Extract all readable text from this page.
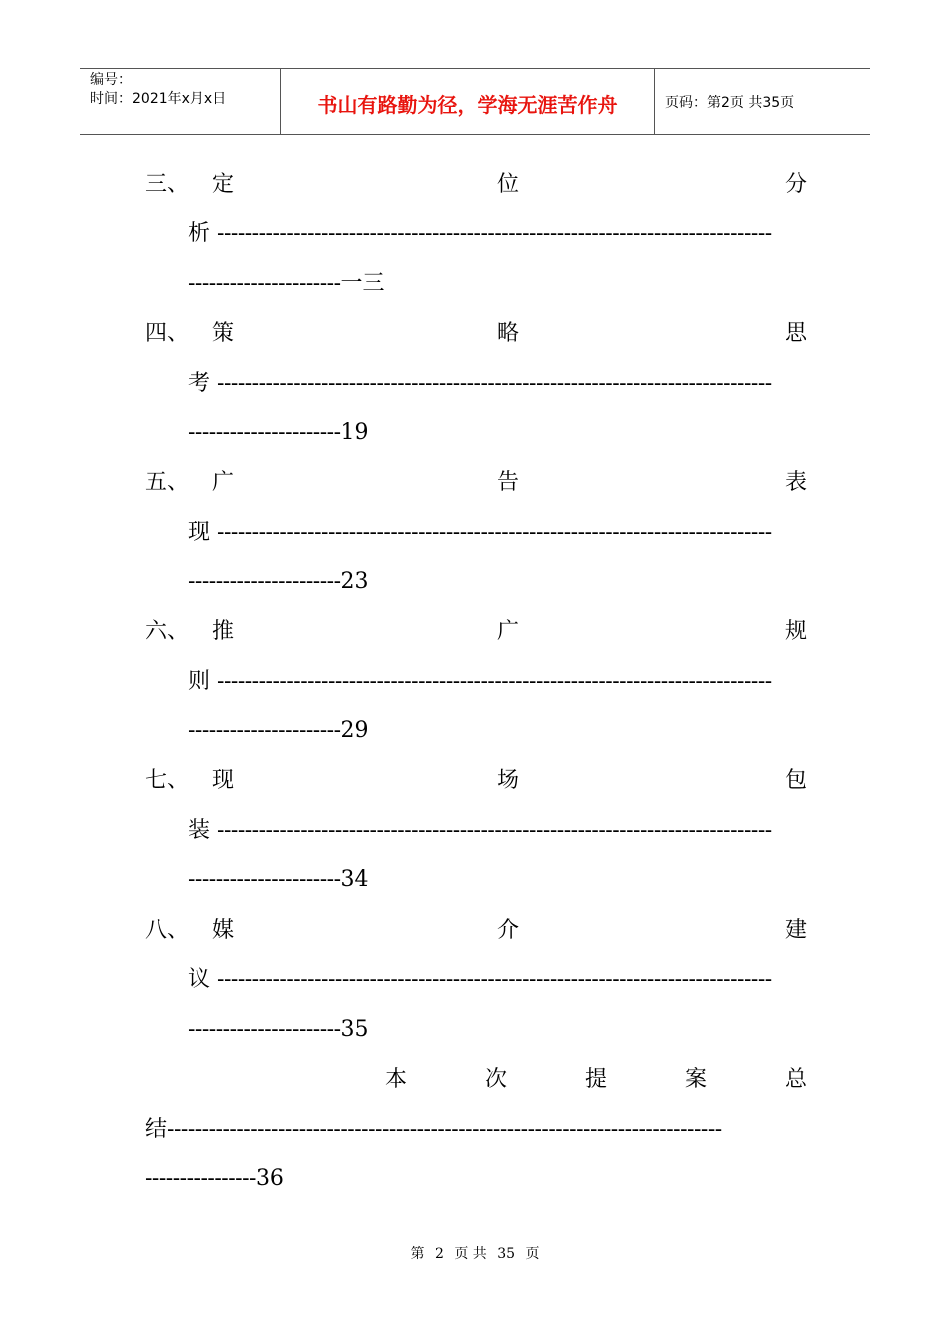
编号：
时间：2021年x月x日	书山有路勤为径，学海无涯苦作舟	页码：第2页 共35页
三、 定	位	分
析 --------------------------------------------------------------------------------
----------------------一三
四、 策	略	思
考 --------------------------------------------------------------------------------
----------------------19
五、 广	告	表
现 --------------------------------------------------------------------------------
----------------------23
六、 推	广	规
则 --------------------------------------------------------------------------------
----------------------29
七、 现	场	包
装 --------------------------------------------------------------------------------
----------------------34
八、 媒	介	建
议 --------------------------------------------------------------------------------
----------------------35
本	次	提	案	总
结--------------------------------------------------------------------------------
----------------36
第 2 页 共 35 页
